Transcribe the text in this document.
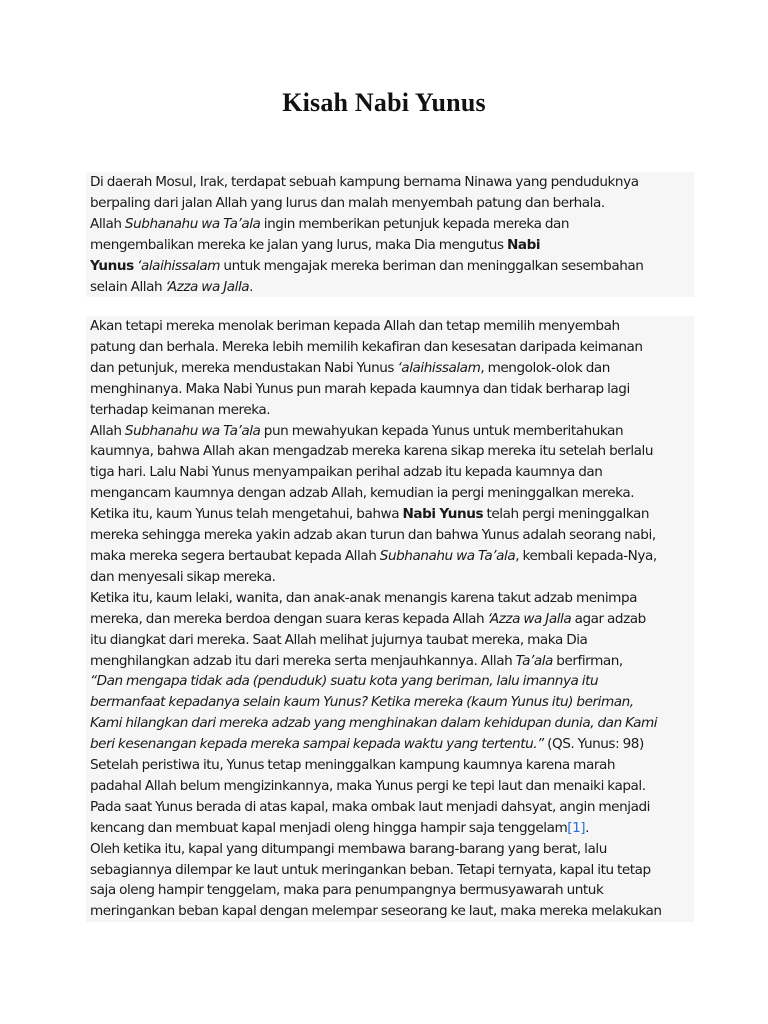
Kisah Nabi Yunus
Di daerah Mosul, Irak, terdapat sebuah kampung bernama Ninawa yang penduduknya
berpaling dari jalan Allah yang lurus dan malah menyembah patung dan berhala.
Allah Subhanahu wa Ta’ala ingin memberikan petunjuk kepada mereka dan
mengembalikan mereka ke jalan yang lurus, maka Dia mengutus Nabi
Yunus ‘alaihissalam untuk mengajak mereka beriman dan meninggalkan sesembahan
selain Allah ‘Azza wa Jalla.
Akan tetapi mereka menolak beriman kepada Allah dan tetap memilih menyembah
patung dan berhala. Mereka lebih memilih kekafiran dan kesesatan daripada keimanan
dan petunjuk, mereka mendustakan Nabi Yunus ‘alaihissalam, mengolok-olok dan
menghinanya. Maka Nabi Yunus pun marah kepada kaumnya dan tidak berharap lagi
terhadap keimanan mereka.
Allah Subhanahu wa Ta’ala pun mewahyukan kepada Yunus untuk memberitahukan
kaumnya, bahwa Allah akan mengadzab mereka karena sikap mereka itu setelah berlalu
tiga hari. Lalu Nabi Yunus menyampaikan perihal adzab itu kepada kaumnya dan
mengancam kaumnya dengan adzab Allah, kemudian ia pergi meninggalkan mereka.
Ketika itu, kaum Yunus telah mengetahui, bahwa Nabi Yunus telah pergi meninggalkan
mereka sehingga mereka yakin adzab akan turun dan bahwa Yunus adalah seorang nabi,
maka mereka segera bertaubat kepada Allah Subhanahu wa Ta’ala, kembali kepada-Nya,
dan menyesali sikap mereka.
Ketika itu, kaum lelaki, wanita, dan anak-anak menangis karena takut adzab menimpa
mereka, dan mereka berdoa dengan suara keras kepada Allah ‘Azza wa Jalla agar adzab
itu diangkat dari mereka. Saat Allah melihat jujurnya taubat mereka, maka Dia
menghilangkan adzab itu dari mereka serta menjauhkannya. Allah Ta’ala berfirman,
“Dan mengapa tidak ada (penduduk) suatu kota yang beriman, lalu imannya itu
bermanfaat kepadanya selain kaum Yunus? Ketika mereka (kaum Yunus itu) beriman,
Kami hilangkan dari mereka adzab yang menghinakan dalam kehidupan dunia, dan Kami
beri kesenangan kepada mereka sampai kepada waktu yang tertentu.” (QS. Yunus: 98)
Setelah peristiwa itu, Yunus tetap meninggalkan kampung kaumnya karena marah
padahal Allah belum mengizinkannya, maka Yunus pergi ke tepi laut dan menaiki kapal.
Pada saat Yunus berada di atas kapal, maka ombak laut menjadi dahsyat, angin menjadi
kencang dan membuat kapal menjadi oleng hingga hampir saja tenggelam[1].
Oleh ketika itu, kapal yang ditumpangi membawa barang-barang yang berat, lalu
sebagiannya dilempar ke laut untuk meringankan beban. Tetapi ternyata, kapal itu tetap
saja oleng hampir tenggelam, maka para penumpangnya bermusyawarah untuk
meringankan beban kapal dengan melempar seseorang ke laut, maka mereka melakukan
